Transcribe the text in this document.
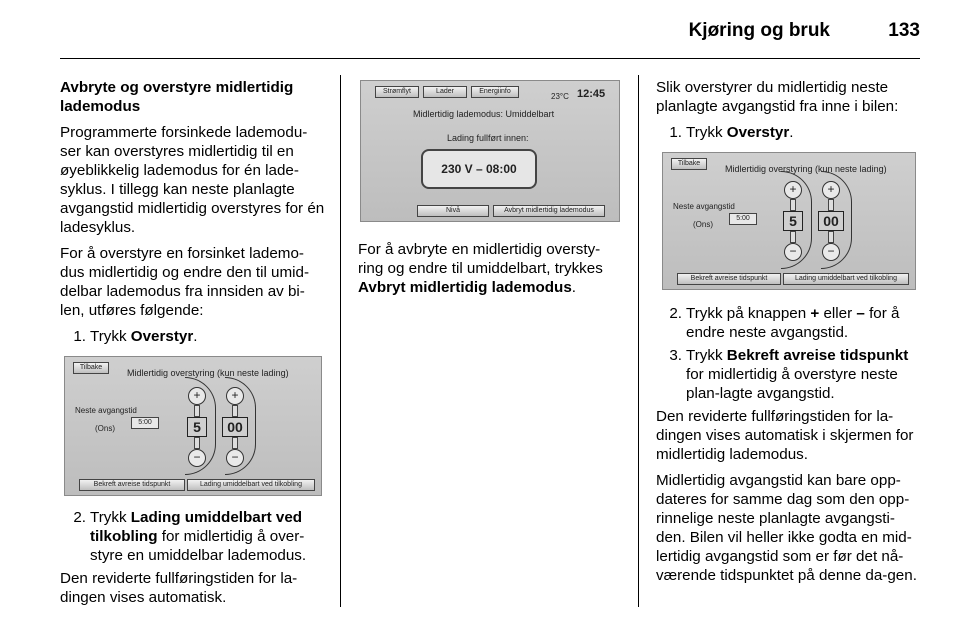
Kjøring og bruk	133

Avbryte og overstyre midlertidig lademodus

Programmerte forsinkede lademodu-ser kan overstyres midlertidig til en øyeblikkelig lademodus for én lade-syklus. I tillegg kan neste planlagte avgangstid midlertidig overstyres for én ladesyklus.

For å overstyre en forsinket lademo-dus midlertidig og endre den til umid-delbar lademodus fra innsiden av bi-len, utføres følgende:

1. Trykk Overstyr.
Tilbake
Midlertidig overstyring (kun neste lading)
Neste avgangstid
(Ons)
5:00
+
5
−
+
00
−
Bekreft avreise tidspunkt	Lading umiddelbart ved tilkobling
2. Trykk Lading umiddelbart ved tilkobling for midlertidig å over-styre en umiddelbar lademodus.

Den reviderte fullføringstiden for la-dingen vises automatisk.

Strømflyt	Lader	Energiinfo
23°C 12:45
Midlertidig lademodus: Umiddelbart
Lading fullført innen:
230 V – 08:00
Nivå	Avbryt midlertidig lademodus

For å avbryte en midlertidig oversty-ring og endre til umiddelbart, trykkes Avbryt midlertidig lademodus.

Slik overstyrer du midlertidig neste planlagte avgangstid fra inne i bilen:

1. Trykk Overstyr.
Tilbake
Midlertidig overstyring (kun neste lading)
Neste avgangstid
(Ons)
5:00
+
5
−
+
00
−
Bekreft avreise tidspunkt	Lading umiddelbart ved tilkobling
2. Trykk på knappen + eller – for å endre neste avgangstid.
3. Trykk Bekreft avreise tidspunkt for midlertidig å overstyre neste plan-lagte avgangstid.

Den reviderte fullføringstiden for la-dingen vises automatisk i skjermen for midlertidig lademodus.

Midlertidig avgangstid kan bare opp-dateres for samme dag som den opp-rinnelige neste planlagte avgangsti-den. Bilen vil heller ikke godta en mid-lertidig avgangstid som er før det nå-værende tidspunktet på denne da-gen.
